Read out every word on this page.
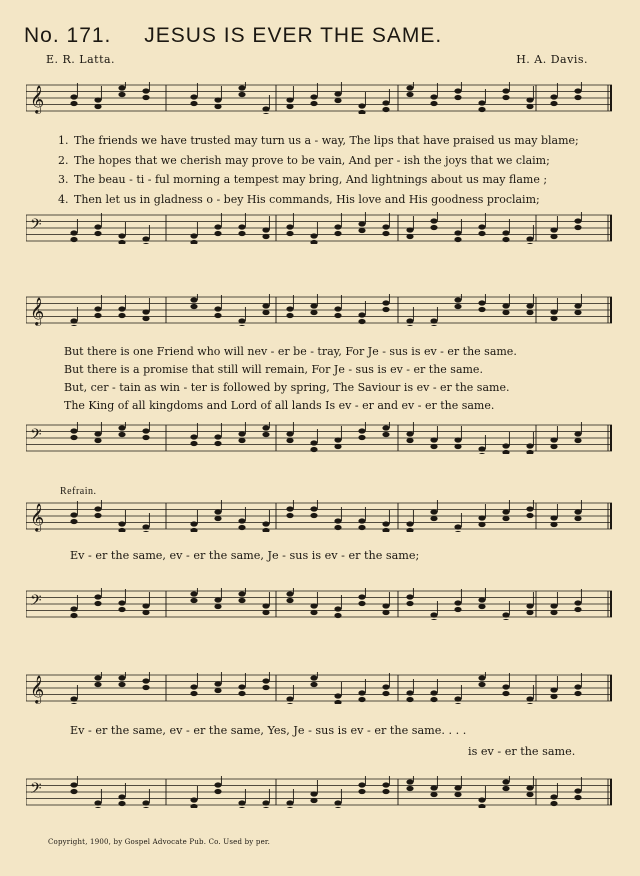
No. 171. JESUS IS EVER THE SAME.
E. R. Latta.	H. A. Davis.
𝄞
𝄢
1. The friends we have trusted may turn us a - way, The lips that have praised us may blame;
2. The hopes that we cherish may prove to be vain, And per - ish the joys that we claim;
3. The beau - ti - ful morning a tempest may bring, And lightnings about us may flame ;
4. Then let us in gladness o - bey His commands, His love and His goodness proclaim;
𝄞
𝄢
But there is one Friend who will nev - er be - tray, For Je - sus is ev - er the same.
But there is a promise that still will remain, For Je - sus is ev - er the same.
But, cer - tain as win - ter is followed by spring, The Saviour is ev - er the same.
The King of all kingdoms and Lord of all lands Is ev - er and ev - er the same.
Refrain.
𝄞
Ev - er the same, ev - er the same, Je - sus is ev - er the same;
𝄢
𝄞
Ev - er the same, ev - er the same, Yes, Je - sus is ev - er the same. . . .
is ev - er the same.
𝄢
Copyright, 1900, by Gospel Advocate Pub. Co. Used by per.
